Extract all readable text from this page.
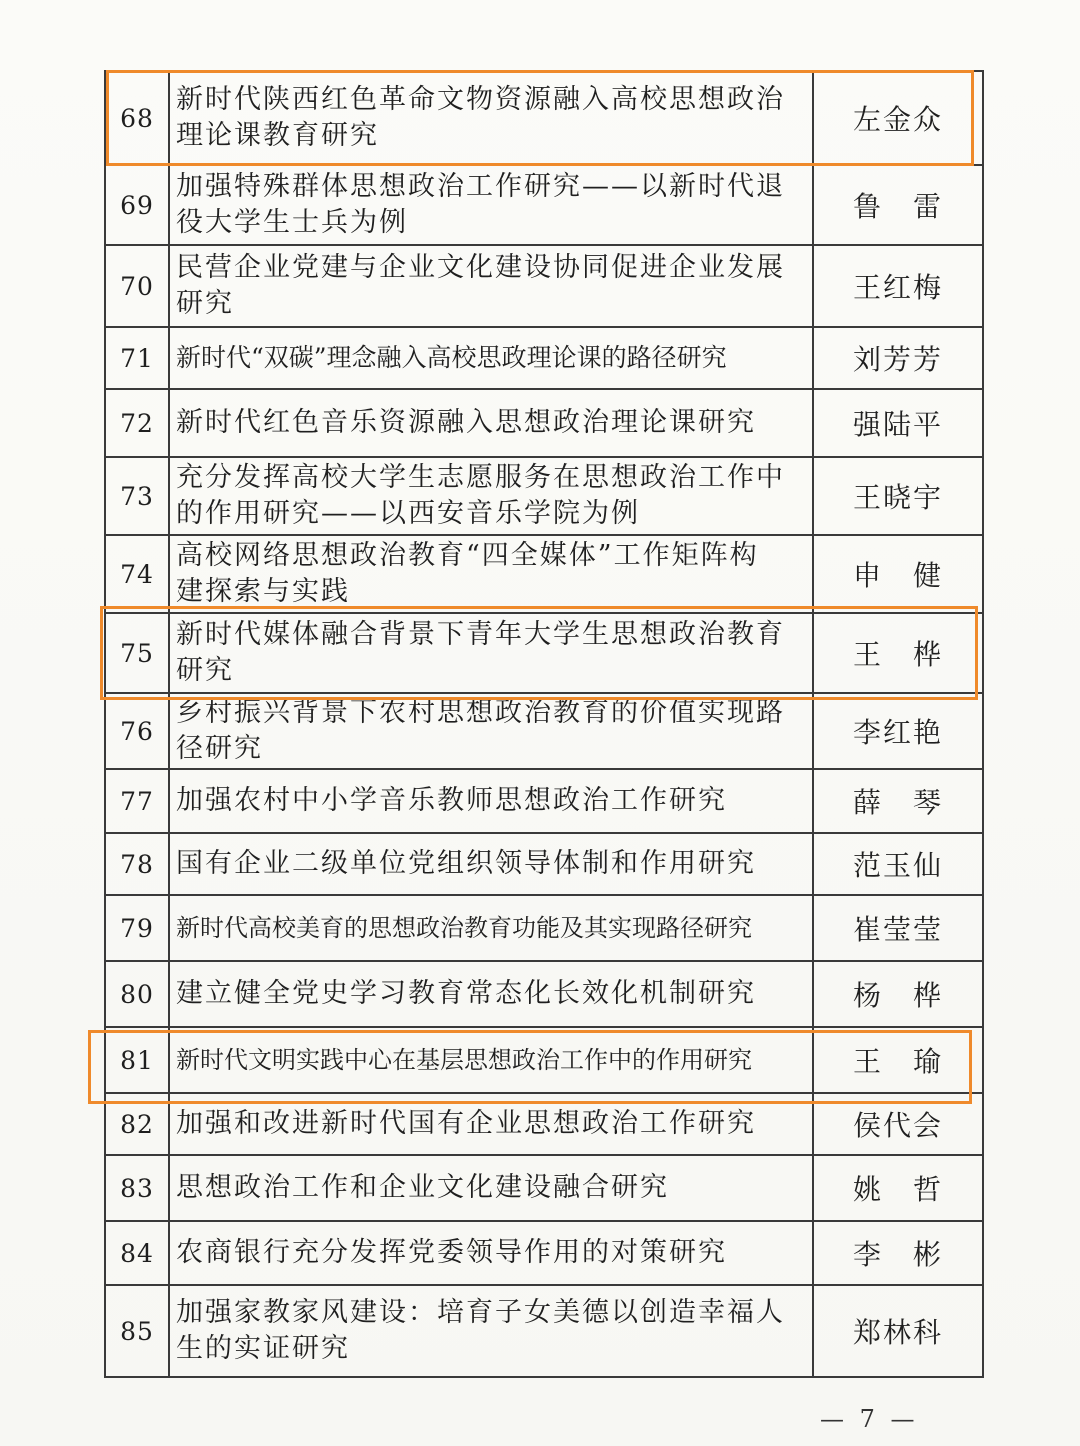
68	新时代陕西红色革命文物资源融入高校思想政治
理论课教育研究	左金众
69	加强特殊群体思想政治工作研究——以新时代退
役大学生士兵为例	鲁　雷
70	民营企业党建与企业文化建设协同促进企业发展
研究	王红梅
71	新时代“双碳”理念融入高校思政理论课的路径研究	刘芳芳
72	新时代红色音乐资源融入思想政治理论课研究	强陆平
73	充分发挥高校大学生志愿服务在思想政治工作中
的作用研究——以西安音乐学院为例	王晓宇
74	高校网络思想政治教育“四全媒体”工作矩阵构
建探索与实践	申　健
75	新时代媒体融合背景下青年大学生思想政治教育
研究	王　桦
76	乡村振兴背景下农村思想政治教育的价值实现路
径研究	李红艳
77	加强农村中小学音乐教师思想政治工作研究	薛　琴
78	国有企业二级单位党组织领导体制和作用研究	范玉仙
79	新时代高校美育的思想政治教育功能及其实现路径研究	崔莹莹
80	建立健全党史学习教育常态化长效化机制研究	杨　桦
81	新时代文明实践中心在基层思想政治工作中的作用研究	王　瑜
82	加强和改进新时代国有企业思想政治工作研究	侯代会
83	思想政治工作和企业文化建设融合研究	姚　哲
84	农商银行充分发挥党委领导作用的对策研究	李　彬
85	加强家教家风建设：培育子女美德以创造幸福人
生的实证研究	郑林科
— 7 —
